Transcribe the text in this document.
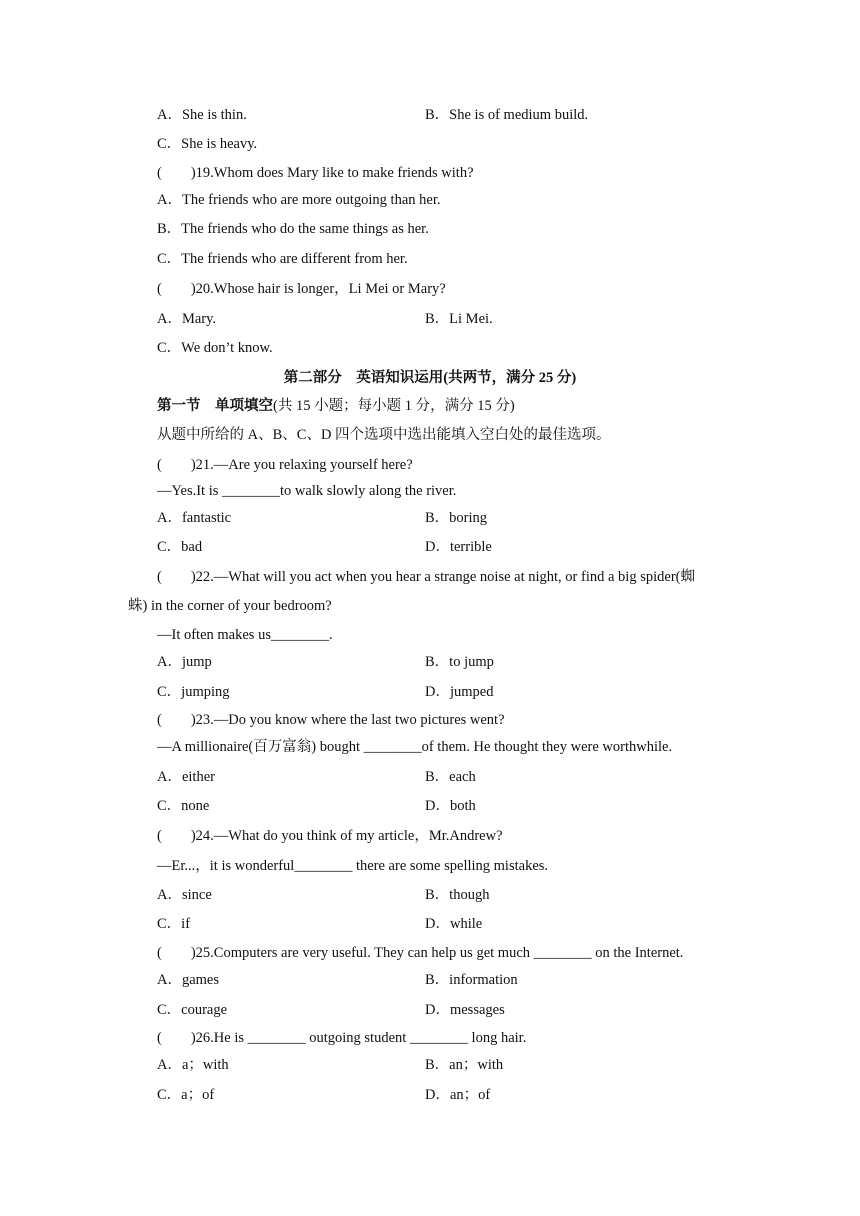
A．She is thin.	B．She is of medium build.
C．She is heavy.
(　　)19.Whom does Mary like to make friends with?
A．The friends who are more outgoing than her.
B．The friends who do the same things as her.
C．The friends who are different from her.
(　　)20.Whose hair is longer，Li Mei or Mary?
A．Mary.	B．Li Mei.
C．We don’t know.
第二部分　英语知识运用(共两节，满分 25 分)
第一节　单项填空(共 15 小题；每小题 1 分，满分 15 分)
从题中所给的 A、B、C、D 四个选项中选出能填入空白处的最佳选项。
(　　)21.—Are you relaxing yourself here?
—Yes.It is ________to walk slowly along the river.
A．fantastic	B．boring
C．bad	D．terrible
(　　)22.—What will you act when you hear a strange noise at night, or find a big spider(蜘
蛛) in the corner of your bedroom?
—It often makes us________.
A．jump	B．to jump
C．jumping	D．jumped
(　　)23.—Do you know where the last two pictures went?
—A millionaire(百万富翁) bought ________of them. He thought they were worthwhile.
A．either	B．each
C．none	D．both
(　　)24.—What do you think of my article，Mr.Andrew?
—Er...，it is wonderful________ there are some spelling mistakes.
A．since	B．though
C．if	D．while
(　　)25.Computers are very useful. They can help us get much ________ on the Internet.
A．games	B．information
C．courage	D．messages
(　　)26.He is ________ outgoing student ________ long hair.
A．a；with	B．an；with
C．a；of	D．an；of
